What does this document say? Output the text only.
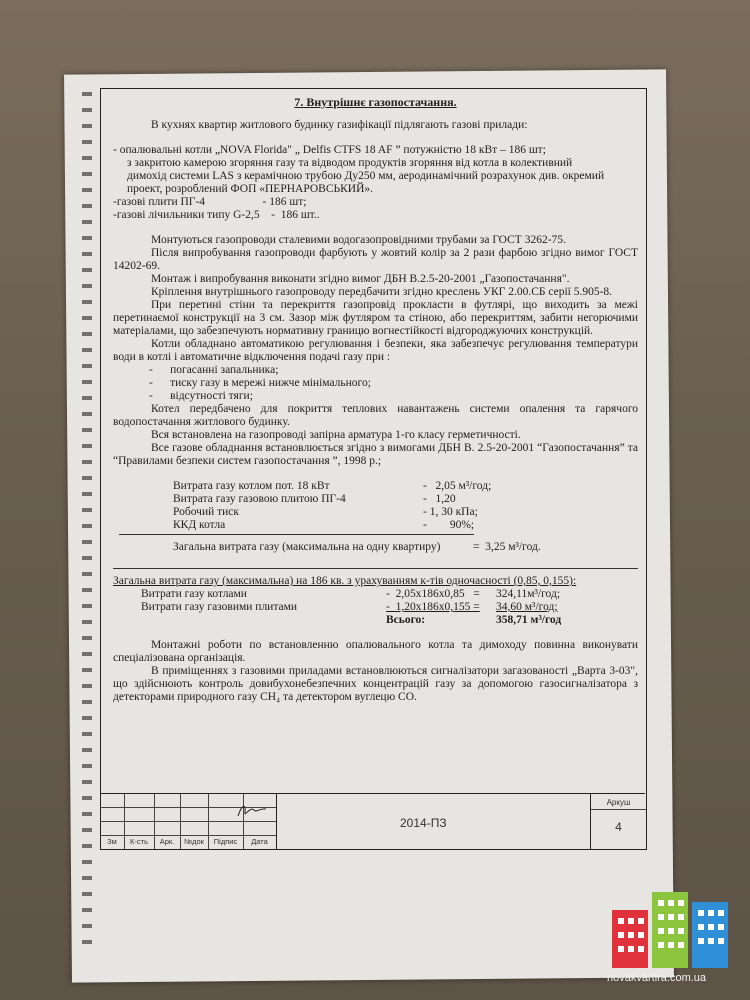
7. Внутрішнє газопостачання.

В кухнях квартир житлового будинку газифікації підлягають газові прилади:

- опалювальні котли „NOVA Florida" „ Delfis CTFS 18 AF ” потужністю 18 кВт – 186 шт;

з закритою камерою згоряння газу та відводом продуктів згоряння від котла в колективний

димохід системи LAS з керамічною трубою Ду250 мм, аеродинамічний розрахунок див. окремий

проект, розроблений ФОП «ПЕРНАРОВСЬКИЙ».

-газові плити ПГ-4                    - 186 шт;

-газові лічильники типу G-2,5    -  186 шт..

Монтуються газопроводи сталевими водогазопровідними трубами за ГОСТ 3262-75.

Після випробування газопроводи фарбують у жовтий колір за 2 рази фарбою згідно вимог ГОСТ 14202-69.

Монтаж і випробування виконати згідно вимог ДБН В.2.5-20-2001 „Газопостачання".

Кріплення внутрішнього газопроводу передбачити згідно креслень УКГ 2.00.СБ серії 5.905-8.

При перетині стіни та перекриття газопровід прокласти в футлярі, що виходить за межі перетинаємої конструкції на 3 см. Зазор між футляром та стіною, або перекриттям, забити негорючими матеріалами, що забезпечують нормативну границю вогнестійкості відгороджуючих конструкцій.

Котли обладнано автоматикою регулювання і безпеки, яка забезпечує регулювання температури води в котлі і автоматичне відключення подачі газу при :

-      погасанні запальника;

-      тиску газу в мережі нижче мінімального;

-      відсутності тяги;

Котел передбачено для покриття теплових навантажень системи опалення та гарячого водопостачання житлового будинку.

Вся встановлена на газопроводі запірна арматура 1-го класу герметичності.

Все газове обладнання встановлюється згідно з вимогами ДБН В. 2.5-20-2001 “Газопостачання” та “Правилами безпеки систем газопостачання ”, 1998 р.;

Витрата газу котлом пот. 18 кВт	-   2,05 м³/год;
Витрата газу газовою плитою ПГ-4	-   1,20
Робочий тиск	- 1, 30 кПа;
ККД котла	-        90%;
Загальна витрата газу (максимальна на одну квартиру)	=  3,25 м³/год.

Загальна витрата газу (максимальна) на 186 кв. з урахуванням к-тів одночасності (0,85, 0,155):

Витрати газу котлами	-  2,05х186х0,85   =	324,11м³/год;
Витрати газу газовими плитами	-  1,20х186х0,155 =	34,60 м³/год;
Всього:	358,71 м³/год

Монтажні роботи по встановленню опалювального котла та димоходу повинна виконувати спеціалізована організація.

В приміщеннях з газовими приладами встановлюються сигналізатори загазованості „Варта 3-03", що здійснюють контроль довибухонебезпечних концентрацій газу за допомогою газосигналізатора з детекторами природного газу СН₄ та детектором вуглецю СО.

Зм	К-сть	Арк.	№док	Підпис	Дата
2014-ПЗ
Аркуш
4
novakvartira.com.ua
